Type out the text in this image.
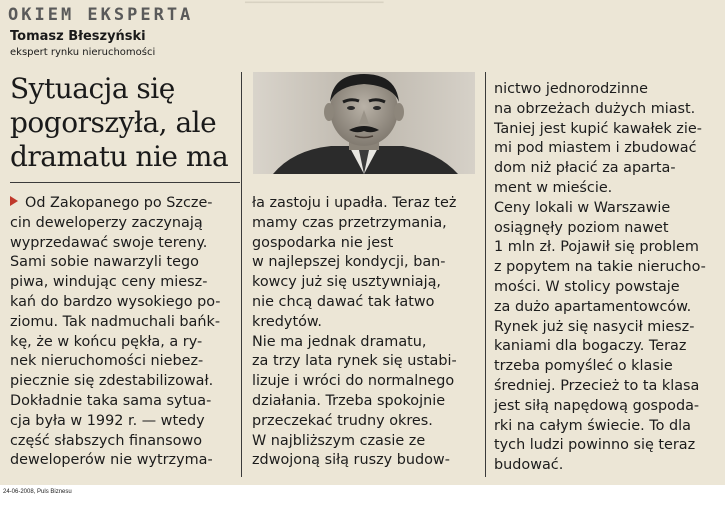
▔▔▔▔▔▔▔▔▔▔▔▔▔▔▔▔▔▔
OKIEM EKSPERTA
Tomasz Błeszyński
ekspert rynku nieruchomości
Sytuacja się
pogorszyła, ale
dramatu nie ma
Od Zakopanego po Szcze-
cin deweloperzy zaczynają
wyprzedawać swoje tereny.
Sami sobie nawarzyli tego
piwa, windując ceny miesz-
kań do bardzo wysokiego po-
ziomu. Tak nadmuchali bańk-
kę, że w końcu pękła, a ry-
nek nieruchomości niebez-
piecznie się zdestabilizował.
Dokładnie taka sama sytua-
cja była w 1992 r. — wtedy
część słabszych finansowo
deweloperów nie wytrzyma-
ła zastoju i upadła. Teraz też
mamy czas przetrzymania,
gospodarka nie jest
w najlepszej kondycji, ban-
kowcy już się usztywniają,
nie chcą dawać tak łatwo
kredytów.
Nie ma jednak dramatu,
za trzy lata rynek się ustabi-
lizuje i wróci do normalnego
działania. Trzeba spokojnie
przeczekać trudny okres.
W najbliższym czasie ze
zdwojoną siłą ruszy budow-
nictwo jednorodzinne
na obrzeżach dużych miast.
Taniej jest kupić kawałek zie-
mi pod miastem i zbudować
dom niż płacić za apartа-
ment w mieście.
Ceny lokali w Warszawie
osiągnęły poziom nawet
1 mln zł. Pojawił się problem
z popytem na takie nierucho-
mości. W stolicy powstaje
za dużo apartamentowców.
Rynek już się nasycił miesz-
kaniami dla bogaczy. Teraz
trzeba pomyśleć o klasie
średniej. Przecież to ta klasa
jest siłą napędową gospoda-
rki na całym świecie. To dla
tych ludzi powinno się teraz
budować.
24-06-2008, Puls Biznesu
